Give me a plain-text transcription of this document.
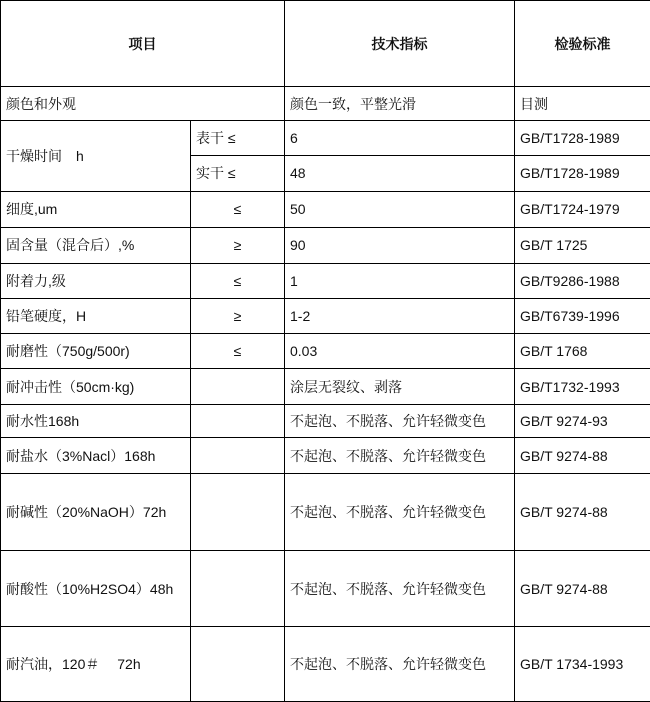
项目		技术指标	检验标准
颜色和外观		颜色一致，平整光滑	目测
干燥时间　h	表干 ≤	6	GB/T1728-1989
	实干 ≤	48	GB/T1728-1989
细度,um	≤	50	GB/T1724-1979
固含量（混合后）,%	≥	90	GB/T 1725
附着力,级	≤	1	GB/T9286-1988
铅笔硬度，H	≥	1-2	GB/T6739-1996
耐磨性（750g/500r)	≤	0.03	GB/T 1768
耐冲击性（50cm·kg)		涂层无裂纹、剥落	GB/T1732-1993
耐水性168h		不起泡、不脱落、允许轻微变色	GB/T 9274-93
耐盐水（3%Nacl）168h		不起泡、不脱落、允许轻微变色	GB/T 9274-88
耐碱性（20%NaOH）72h		不起泡、不脱落、允许轻微变色	GB/T 9274-88
耐酸性（10%H2SO4）48h		不起泡、不脱落、允许轻微变色	GB/T 9274-88
耐汽油，120＃　 72h		不起泡、不脱落、允许轻微变色	GB/T 1734-1993
